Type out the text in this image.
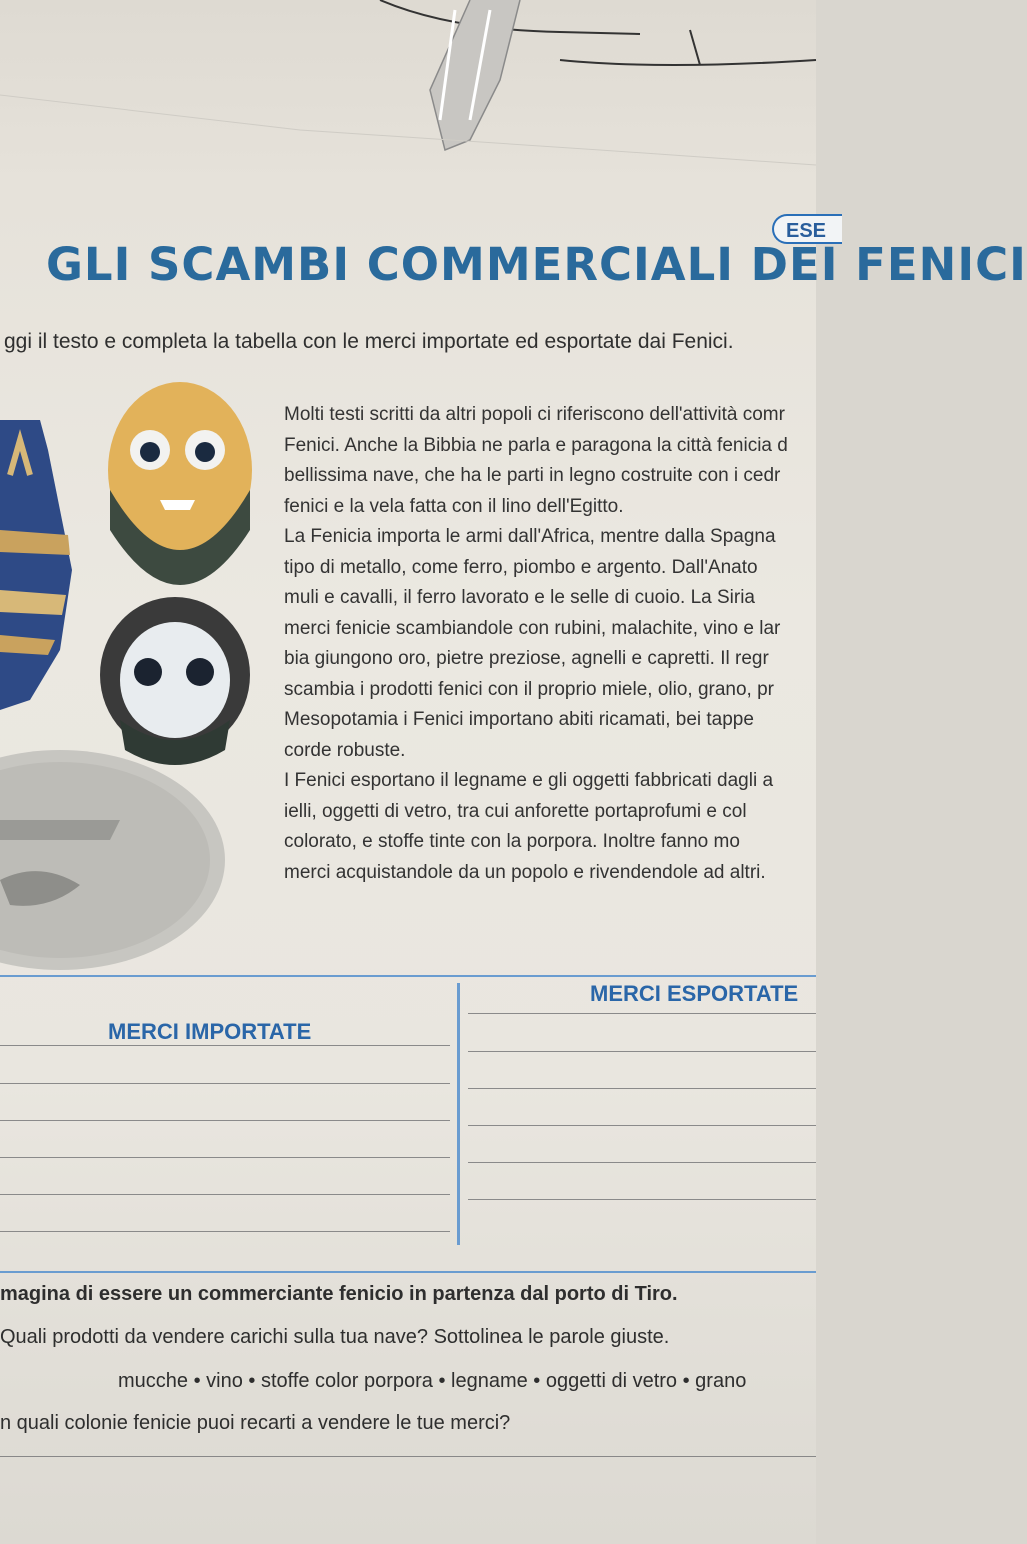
ESE
GLI SCAMBI COMMERCIALI DEI FENICI

ggi il testo e completa la tabella con le merci importate ed esportate dai Fenici.

Molti testi scritti da altri popoli ci riferiscono dell'attività comr

Fenici. Anche la Bibbia ne parla e paragona la città fenicia d

bellissima nave, che ha le parti in legno costruite con i cedr

fenici e la vela fatta con il lino dell'Egitto.

La Fenicia importa le armi dall'Africa, mentre dalla Spagna

tipo di metallo, come ferro, piombo e argento. Dall'Anato

muli e cavalli, il ferro lavorato e le selle di cuoio. La Siria

merci fenicie scambiandole con rubini, malachite, vino e lar

bia giungono oro, pietre preziose, agnelli e capretti. Il regr

scambia i prodotti fenici con il proprio miele, olio, grano, pr

Mesopotamia i Fenici importano abiti ricamati, bei tappe

corde robuste.

I Fenici esportano il legname e gli oggetti fabbricati dagli a

ielli, oggetti di vetro, tra cui anforette portaprofumi e col

colorato, e stoffe tinte con la porpora. Inoltre fanno mo

merci acquistandole da un popolo e rivendendole ad altri.

MERCI IMPORTATE
MERCI ESPORTATE

magina di essere un commerciante fenicio in partenza dal porto di Tiro.

Quali prodotti da vendere carichi sulla tua nave? Sottolinea le parole giuste.

mucche • vino • stoffe color porpora • legname • oggetti di vetro • grano

n quali colonie fenicie puoi recarti a vendere le tue merci?
